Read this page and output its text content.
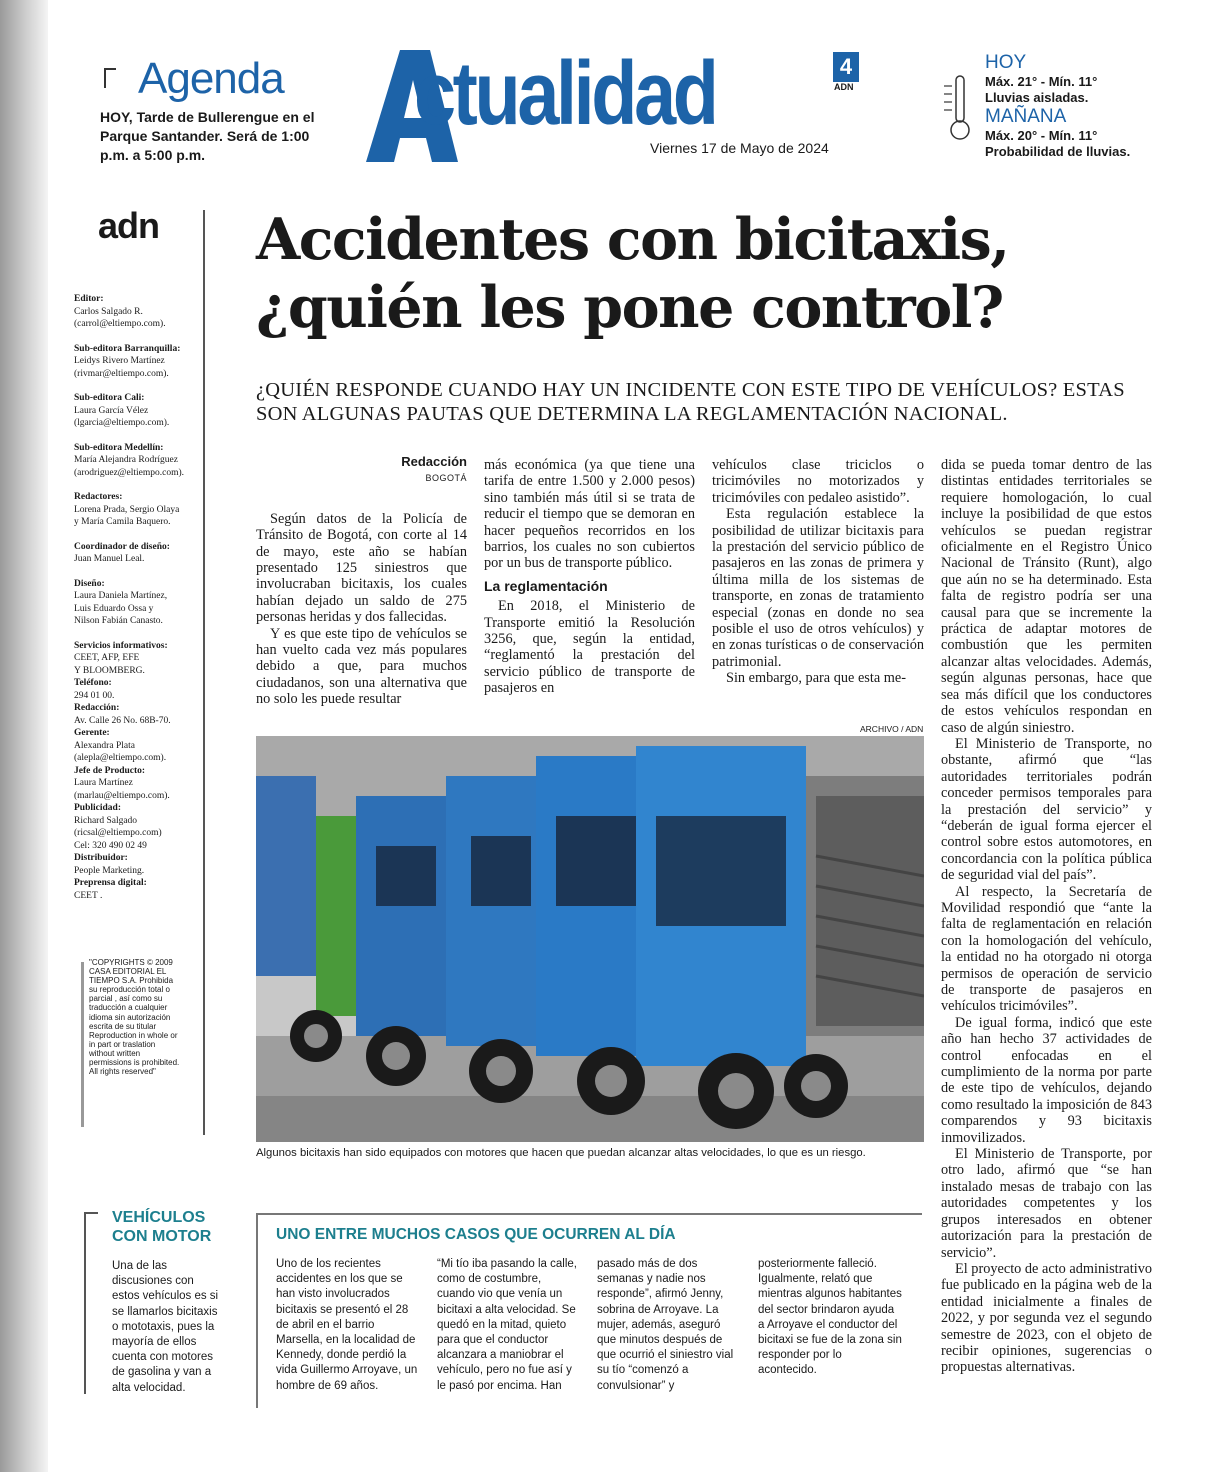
Agenda
HOY, Tarde de Bullerengue en el Parque Santander. Será de 1:00 p.m. a 5:00 p.m.
ctualidad	4
ADN
Viernes 17 de Mayo de 2024
HOY
Máx. 21° - Mín. 11°
Lluvias aisladas.
MAÑANA
Máx. 20° - Mín. 11°
Probabilidad de lluvias.
adn
Editor:
Carlos Salgado R.
(carrol@eltiempo.com).
Sub-editora Barranquilla:
Leidys Rivero Martínez
(rivmar@eltiempo.com).
Sub-editora Cali:
Laura García Vélez
(lgarcia@eltiempo.com).
Sub-editora Medellín:
María Alejandra Rodríguez
(arodriguez@eltiempo.com).
Redactores:
Lorena Prada, Sergio Olaya
y María Camila Baquero.
Coordinador de diseño:
Juan Manuel Leal.
Diseño:
Laura Daniela Martínez,
Luis Eduardo Ossa y
Nilson Fabián Canasto.
Servicios informativos:
CEET, AFP, EFE
Y BLOOMBERG.
Teléfono:
294 01 00.
Redacción:
Av. Calle 26 No. 68B-70.
Gerente:
Alexandra Plata
(alepla@eltiempo.com).
Jefe de Producto:
Laura Martínez
(marlau@eltiempo.com).
Publicidad:
Richard Salgado
(ricsal@eltiempo.com)
Cel: 320 490 02 49
Distribuidor:
People Marketing.
Preprensa digital:
CEET .
"COPYRIGHTS © 2009 CASA EDITORIAL EL TIEMPO S.A. Prohibida su reproducción total o parcial , así como su traducción a cualquier idioma sin autorización escrita de su titular Reproduction in whole or in part or traslation without written permissions is prohibited. All rights reserved"
Accidentes con bicitaxis,
¿quién les pone control?
¿QUIÉN RESPONDE CUANDO HAY UN INCIDENTE CON ESTE TIPO DE VEHÍCULOS? ESTAS SON ALGUNAS PAUTAS QUE DETERMINA LA REGLAMENTACIÓN NACIONAL.
Redacción
BOGOTÁ

Según datos de la Policía de Tránsito de Bogotá, con corte al 14 de mayo, este año se habían presentado 125 siniestros que involucraban bicitaxis, los cuales habían dejado un saldo de 275 personas heridas y dos fallecidas.

Y es que este tipo de vehículos se han vuelto cada vez más populares debido a que, para muchos ciudadanos, son una alternativa que no solo les puede resultar

más económica (ya que tiene una tarifa de entre 1.500 y 2.000 pesos) sino también más útil si se trata de reducir el tiempo que se demoran en hacer pequeños recorridos en los barrios, los cuales no son cubiertos por un bus de transporte público.

La reglamentación

En 2018, el Ministerio de Transporte emitió la Resolución 3256, que, según la entidad, “reglamentó la prestación del servicio público de transporte de pasajeros en

vehículos clase triciclos o tricimóviles no motorizados y tricimóviles con pedaleo asistido”.

Esta regulación establece la posibilidad de utilizar bicitaxis para la prestación del servicio público de pasajeros en las zonas de primera y última milla de los sistemas de transporte, en zonas de tratamiento especial (zonas en donde no sea posible el uso de otros vehículos) y en zonas turísticas o de conservación patrimonial.

Sin embargo, para que esta me-

dida se pueda tomar dentro de las distintas entidades territoriales se requiere homologación, lo cual incluye la posibilidad de que estos vehículos se puedan registrar oficialmente en el Registro Único Nacional de Tránsito (Runt), algo que aún no se ha determinado. Esta falta de registro podría ser una causal para que se incremente la práctica de adaptar motores de combustión que les permiten alcanzar altas velocidades. Además, según algunas personas, hace que sea más difícil que los conductores de estos vehículos respondan en caso de algún siniestro.

El Ministerio de Transporte, no obstante, afirmó que “las autoridades territoriales podrán conceder permisos temporales para la prestación del servicio” y “deberán de igual forma ejercer el control sobre estos automotores, en concordancia con la política pública de seguridad vial del país”.

Al respecto, la Secretaría de Movilidad respondió que “ante la falta de reglamentación en relación con la homologación del vehículo, la entidad no ha otorgado ni otorga permisos de operación de servicio de transporte de pasajeros en vehículos tricimóviles”.

De igual forma, indicó que este año han hecho 37 actividades de control enfocadas en el cumplimiento de la norma por parte de este tipo de vehículos, dejando como resultado la imposición de 843 comparendos y 93 bicitaxis inmovilizados.

El Ministerio de Transporte, por otro lado, afirmó que “se han instalado mesas de trabajo con las autoridades competentes y los grupos interesados en obtener autorización para la prestación de servicio”.

El proyecto de acto administrativo fue publicado en la página web de la entidad inicialmente a finales de 2022, y por segunda vez el segundo semestre de 2023, con el objeto de recibir opiniones, sugerencias o propuestas alternativas.

ARCHIVO / ADN
Algunos bicitaxis han sido equipados con motores que hacen que puedan alcanzar altas velocidades, lo que es un riesgo.
VEHÍCULOS
CON MOTOR
Una de las discusiones con estos vehículos es si se llamarlos bicitaxis o mototaxis, pues la mayoría de ellos cuenta con motores de gasolina y van a alta velocidad.
UNO ENTRE MUCHOS CASOS QUE OCURREN AL DÍA
Uno de los recientes accidentes en los que se han visto involucrados bicitaxis se presentó el 28 de abril en el barrio Marsella, en la localidad de Kennedy, donde perdió la vida Guillermo Arroyave, un hombre de 69 años.
“Mi tío iba pasando la calle, como de costumbre, cuando vio que venía un bicitaxi a alta velocidad. Se quedó en la mitad, quieto para que el conductor alcanzara a maniobrar el vehículo, pero no fue así y le pasó por encima. Han
pasado más de dos semanas y nadie nos responde”, afirmó Jenny, sobrina de Arroyave. La mujer, además, aseguró que minutos después de que ocurrió el siniestro vial su tío “comenzó a convulsionar” y
posteriormente falleció. Igualmente, relató que mientras algunos habitantes del sector brindaron ayuda a Arroyave el conductor del bicitaxi se fue de la zona sin responder por lo acontecido.
